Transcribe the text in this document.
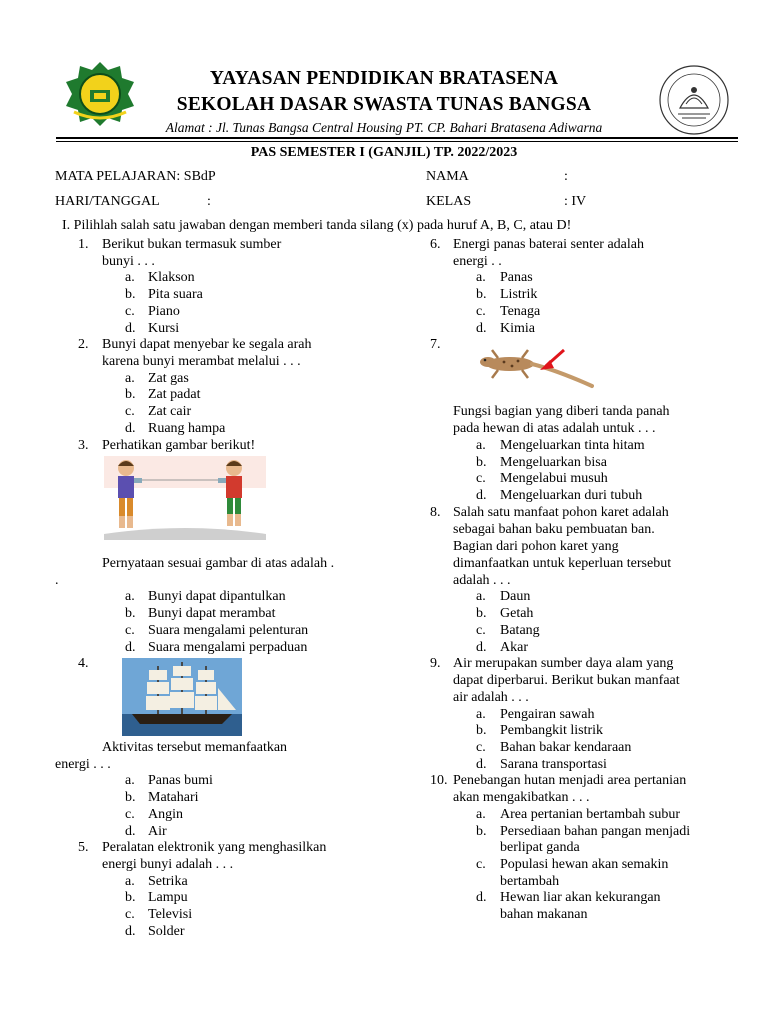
YAYASAN PENDIDIKAN BRATASENA
SEKOLAH DASAR SWASTA TUNAS BANGSA
Alamat : Jl. Tunas Bangsa Central Housing PT. CP. Bahari Bratasena Adiwarna
PAS SEMESTER I (GANJIL) TP. 2022/2023
MATA PELAJARAN: SBdP	NAMA	:
HARI/TANGGAL	:	KELAS	: IV
I. Pilihlah salah satu jawaban dengan memberi tanda silang (x) pada huruf A, B, C, atau D!
1. Berikut bukan termasuk sumber
bunyi . . .
a. Klakson
b. Pita suara
c. Piano
d. Kursi
2. Bunyi dapat menyebar ke segala arah
karena bunyi merambat melalui . . .
a. Zat gas
b. Zat padat
c. Zat cair
d. Ruang hampa
3. Perhatikan gambar berikut!
Pernyataan sesuai gambar di atas adalah .
.
a. Bunyi dapat dipantulkan
b. Bunyi dapat merambat
c. Suara mengalami pelenturan
d. Suara mengalami perpaduan
4.
Aktivitas tersebut memanfaatkan
energi . . .
a. Panas bumi
b. Matahari
c. Angin
d. Air
5. Peralatan elektronik yang menghasilkan
energi bunyi adalah . . .
a. Setrika
b. Lampu
c. Televisi
d. Solder
6. Energi panas baterai senter adalah
energi . .
a. Panas
b. Listrik
c. Tenaga
d. Kimia
7.
Fungsi bagian yang diberi tanda panah
pada hewan di atas adalah untuk . . .
a. Mengeluarkan tinta hitam
b. Mengeluarkan bisa
c. Mengelabui musuh
d. Mengeluarkan duri tubuh
8. Salah satu manfaat pohon karet adalah
sebagai bahan baku pembuatan ban.
Bagian dari pohon karet yang
dimanfaatkan untuk keperluan tersebut
adalah . . .
a. Daun
b. Getah
c. Batang
d. Akar
9. Air merupakan sumber daya alam yang
dapat diperbarui. Berikut bukan manfaat
air adalah . . .
a. Pengairan sawah
b. Pembangkit listrik
c. Bahan bakar kendaraan
d. Sarana transportasi
10. Penebangan hutan menjadi area pertanian
akan mengakibatkan . . .
a. Area pertanian bertambah subur
b. Persediaan bahan pangan menjadi
berlipat ganda
c. Populasi hewan akan semakin
bertambah
d. Hewan liar akan kekurangan
bahan makanan
